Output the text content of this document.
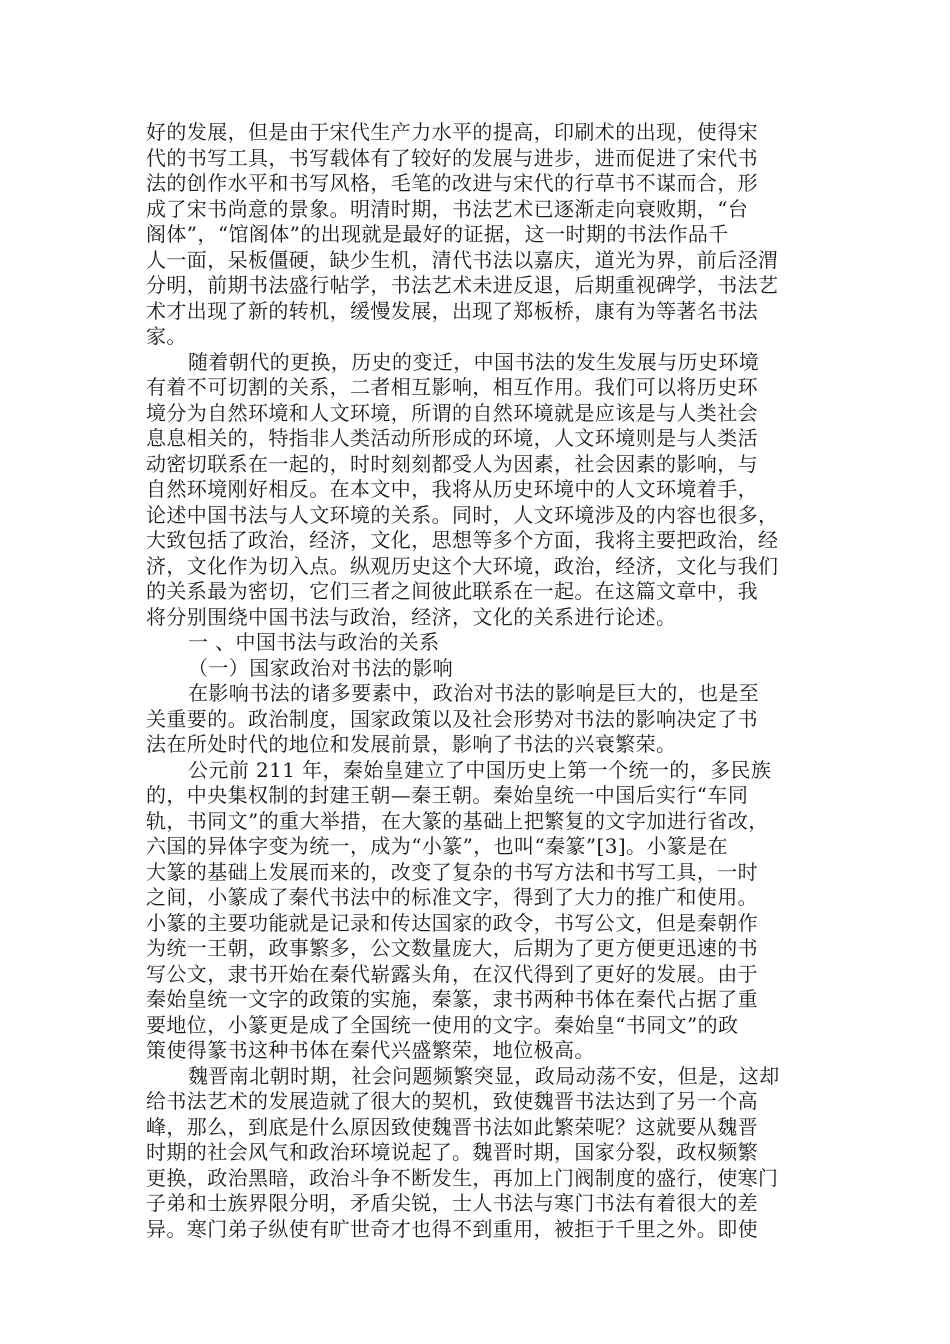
好的发展，但是由于宋代生产力水平的提高，印刷术的出现，使得宋
代的书写工具，书写载体有了较好的发展与进步，进而促进了宋代书
法的创作水平和书写风格，毛笔的改进与宋代的行草书不谋而合，形
成了宋书尚意的景象。明清时期，书法艺术已逐渐走向衰败期，“台
阁体”，“馆阁体”的出现就是最好的证据，这一时期的书法作品千
人一面，呆板僵硬，缺少生机，清代书法以嘉庆，道光为界，前后泾渭
分明，前期书法盛行帖学，书法艺术未进反退，后期重视碑学，书法艺
术才出现了新的转机，缓慢发展，出现了郑板桥，康有为等著名书法
家。
随着朝代的更换，历史的变迁，中国书法的发生发展与历史环境
有着不可切割的关系，二者相互影响，相互作用。我们可以将历史环
境分为自然环境和人文环境，所谓的自然环境就是应该是与人类社会
息息相关的，特指非人类活动所形成的环境，人文环境则是与人类活
动密切联系在一起的，时时刻刻都受人为因素，社会因素的影响，与
自然环境刚好相反。在本文中，我将从历史环境中的人文环境着手，
论述中国书法与人文环境的关系。同时，人文环境涉及的内容也很多，
大致包括了政治，经济，文化，思想等多个方面，我将主要把政治，经
济，文化作为切入点。纵观历史这个大环境，政治，经济，文化与我们
的关系最为密切，它们三者之间彼此联系在一起。在这篇文章中，我
将分别围绕中国书法与政治，经济，文化的关系进行论述。
一 、中国书法与政治的关系
（一）国家政治对书法的影响
在影响书法的诸多要素中，政治对书法的影响是巨大的，也是至
关重要的。政治制度，国家政策以及社会形势对书法的影响决定了书
法在所处时代的地位和发展前景，影响了书法的兴衰繁荣。
公元前 211 年，秦始皇建立了中国历史上第一个统一的，多民族
的，中央集权制的封建王朝—秦王朝。秦始皇统一中国后实行“车同
轨，书同文”的重大举措，在大篆的基础上把繁复的文字加进行省改，
六国的异体字变为统一，成为“小篆”，也叫“秦篆”[3]。小篆是在
大篆的基础上发展而来的，改变了复杂的书写方法和书写工具，一时
之间，小篆成了秦代书法中的标准文字，得到了大力的推广和使用。
小篆的主要功能就是记录和传达国家的政令，书写公文，但是秦朝作
为统一王朝，政事繁多，公文数量庞大，后期为了更方便更迅速的书
写公文，隶书开始在秦代崭露头角，在汉代得到了更好的发展。由于
秦始皇统一文字的政策的实施，秦篆，隶书两种书体在秦代占据了重
要地位，小篆更是成了全国统一使用的文字。秦始皇“书同文”的政
策使得篆书这种书体在秦代兴盛繁荣，地位极高。
魏晋南北朝时期，社会问题频繁突显，政局动荡不安，但是，这却
给书法艺术的发展造就了很大的契机，致使魏晋书法达到了另一个高
峰，那么，到底是什么原因致使魏晋书法如此繁荣呢？这就要从魏晋
时期的社会风气和政治环境说起了。魏晋时期，国家分裂，政权频繁
更换，政治黑暗，政治斗争不断发生，再加上门阀制度的盛行，使寒门
子弟和士族界限分明，矛盾尖锐，士人书法与寒门书法有着很大的差
异。寒门弟子纵使有旷世奇才也得不到重用，被拒于千里之外。即使
